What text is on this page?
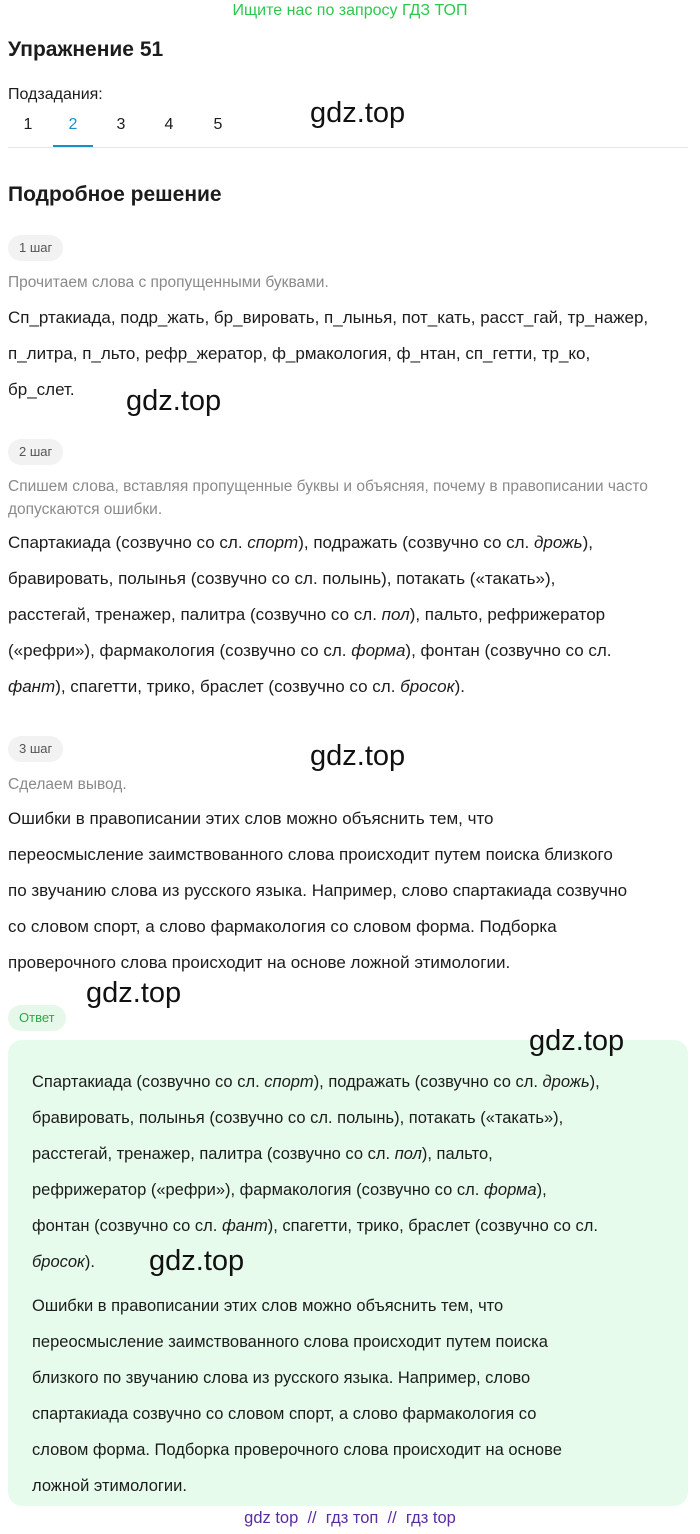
Ищите нас по запросу ГДЗ ТОП
Упражнение 51
Подзадания:
1	2	3	4	5
Подробное решение
1 шаг
Прочитаем слова с пропущенными буквами.
Сп_ртакиада, подр_жать, бр_вировать, п_лынья, пот_кать, расст_гай, тр_нажер,
п_литра, п_льто, рефр_жератор, ф_рмакология, ф_нтан, сп_гетти, тр_ко,
бр_слет.
2 шаг
Спишем слова, вставляя пропущенные буквы и объясняя, почему в правописании часто допускаются ошибки.
Спартакиада (созвучно со сл. спорт), подражать (созвучно со сл. дрожь),
бравировать, полынья (созвучно со сл. полынь), потакать («такать»),
расстегай, тренажер, палитра (созвучно со сл. пол), пальто, рефрижератор
(«рефри»), фармакология (созвучно со сл. форма), фонтан (созвучно со сл.
фант), спагетти, трико, браслет (созвучно со сл. бросок).
3 шаг
Сделаем вывод.
Ошибки в правописании этих слов можно объяснить тем, что
переосмысление заимствованного слова происходит путем поиска близкого
по звучанию слова из русского языка. Например, слово спартакиада созвучно
со словом спорт, а слово фармакология со словом форма. Подборка
проверочного слова происходит на основе ложной этимологии.
Ответ
Спартакиада (созвучно со сл. спорт), подражать (созвучно со сл. дрожь),
бравировать, полынья (созвучно со сл. полынь), потакать («такать»),
расстегай, тренажер, палитра (созвучно со сл. пол), пальто,
рефрижератор («рефри»), фармакология (созвучно со сл. форма),
фонтан (созвучно со сл. фант), спагетти, трико, браслет (созвучно со сл.
бросок).
Ошибки в правописании этих слов можно объяснить тем, что
переосмысление заимствованного слова происходит путем поиска
близкого по звучанию слова из русского языка. Например, слово
спартакиада созвучно со словом спорт, а слово фармакология со
словом форма. Подборка проверочного слова происходит на основе
ложной этимологии.
gdz.top
gdz.top
gdz.top
gdz.top
gdz.top
gdz.top
gdz top  //  гдз топ  //  гдз top
